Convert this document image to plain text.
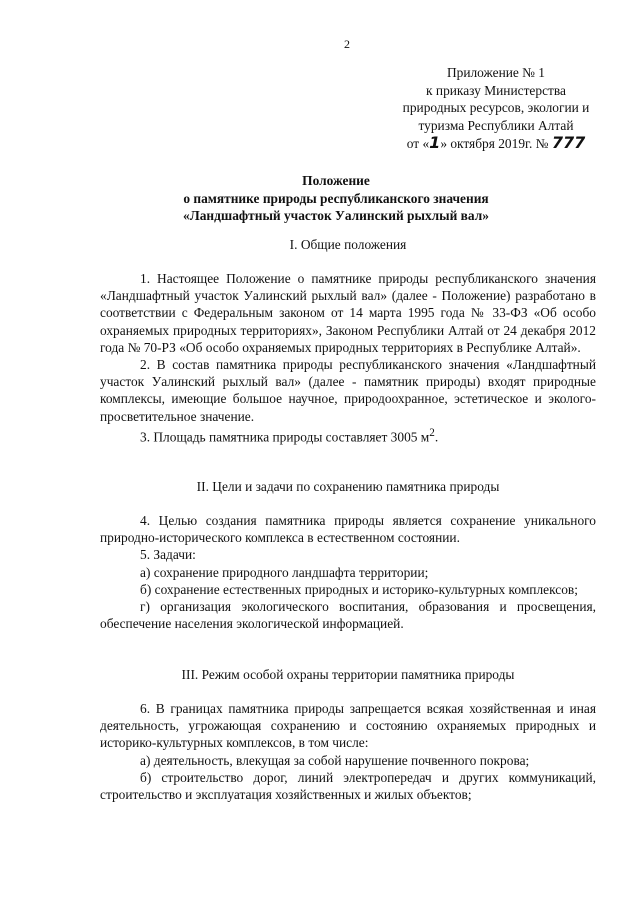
2
Приложение № 1
к приказу Министерства
природных ресурсов, экологии и
туризма Республики Алтай
от «1» октября 2019г. № 777
Положение
о памятнике природы республиканского значения
«Ландшафтный участок Уалинский рыхлый вал»
I. Общие положения

1. Настоящее Положение о памятнике природы республиканского значения «Ландшафтный участок Уалинский рыхлый вал» (далее - Положение) разработано в соответствии с Федеральным законом от 14 марта 1995 года № 33-ФЗ «Об особо охраняемых природных территориях», Законом Республики Алтай от 24 декабря 2012 года № 70-РЗ «Об особо охраняемых природных территориях в Республике Алтай».

2. В состав памятника природы республиканского значения «Ландшафтный участок Уалинский рыхлый вал» (далее - памятник природы) входят природные комплексы, имеющие большое научное, природоохранное, эстетическое и эколого-просветительное значение.

3. Площадь памятника природы составляет 3005 $м^2$.

II. Цели и задачи по сохранению памятника природы

4. Целью создания памятника природы является сохранение уникального природно-исторического комплекса в естественном состоянии.

5. Задачи:

а) сохранение природного ландшафта территории;

б) сохранение естественных природных и историко-культурных комплексов;

г) организация экологического воспитания, образования и просвещения, обеспечение населения экологической информацией.

III. Режим особой охраны территории памятника природы

6. В границах памятника природы запрещается всякая хозяйственная и иная деятельность, угрожающая сохранению и состоянию охраняемых природных и историко-культурных комплексов, в том числе:

а) деятельность, влекущая за собой нарушение почвенного покрова;

б) строительство дорог, линий электропередач и других коммуникаций, строительство и эксплуатация хозяйственных и жилых объектов;
